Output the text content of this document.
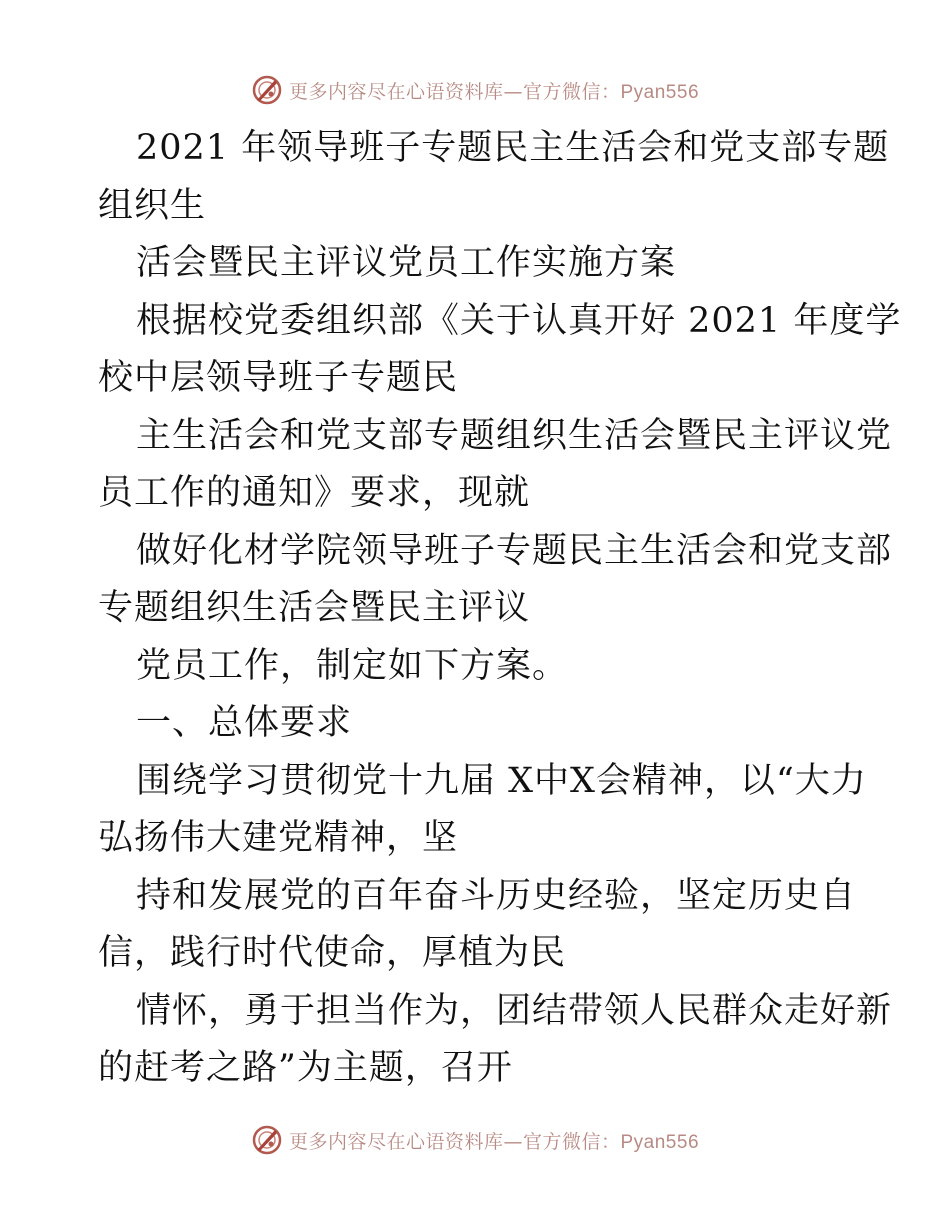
更多内容尽在心语资料库—官方微信：Pyan556
2021 年领导班子专题民主生活会和党支部专题
组织生
活会暨民主评议党员工作实施方案
根据校党委组织部《关于认真开好 2021 年度学
校中层领导班子专题民
主生活会和党支部专题组织生活会暨民主评议党
员工作的通知》要求，现就
做好化材学院领导班子专题民主生活会和党支部
专题组织生活会暨民主评议
党员工作，制定如下方案。
一、总体要求
围绕学习贯彻党十九届 X中X会精神，以“大力
弘扬伟大建党精神，坚
持和发展党的百年奋斗历史经验，坚定历史自
信，践行时代使命，厚植为民
情怀，勇于担当作为，团结带领人民群众走好新
的赶考之路”为主题，召开
更多内容尽在心语资料库—官方微信：Pyan556
